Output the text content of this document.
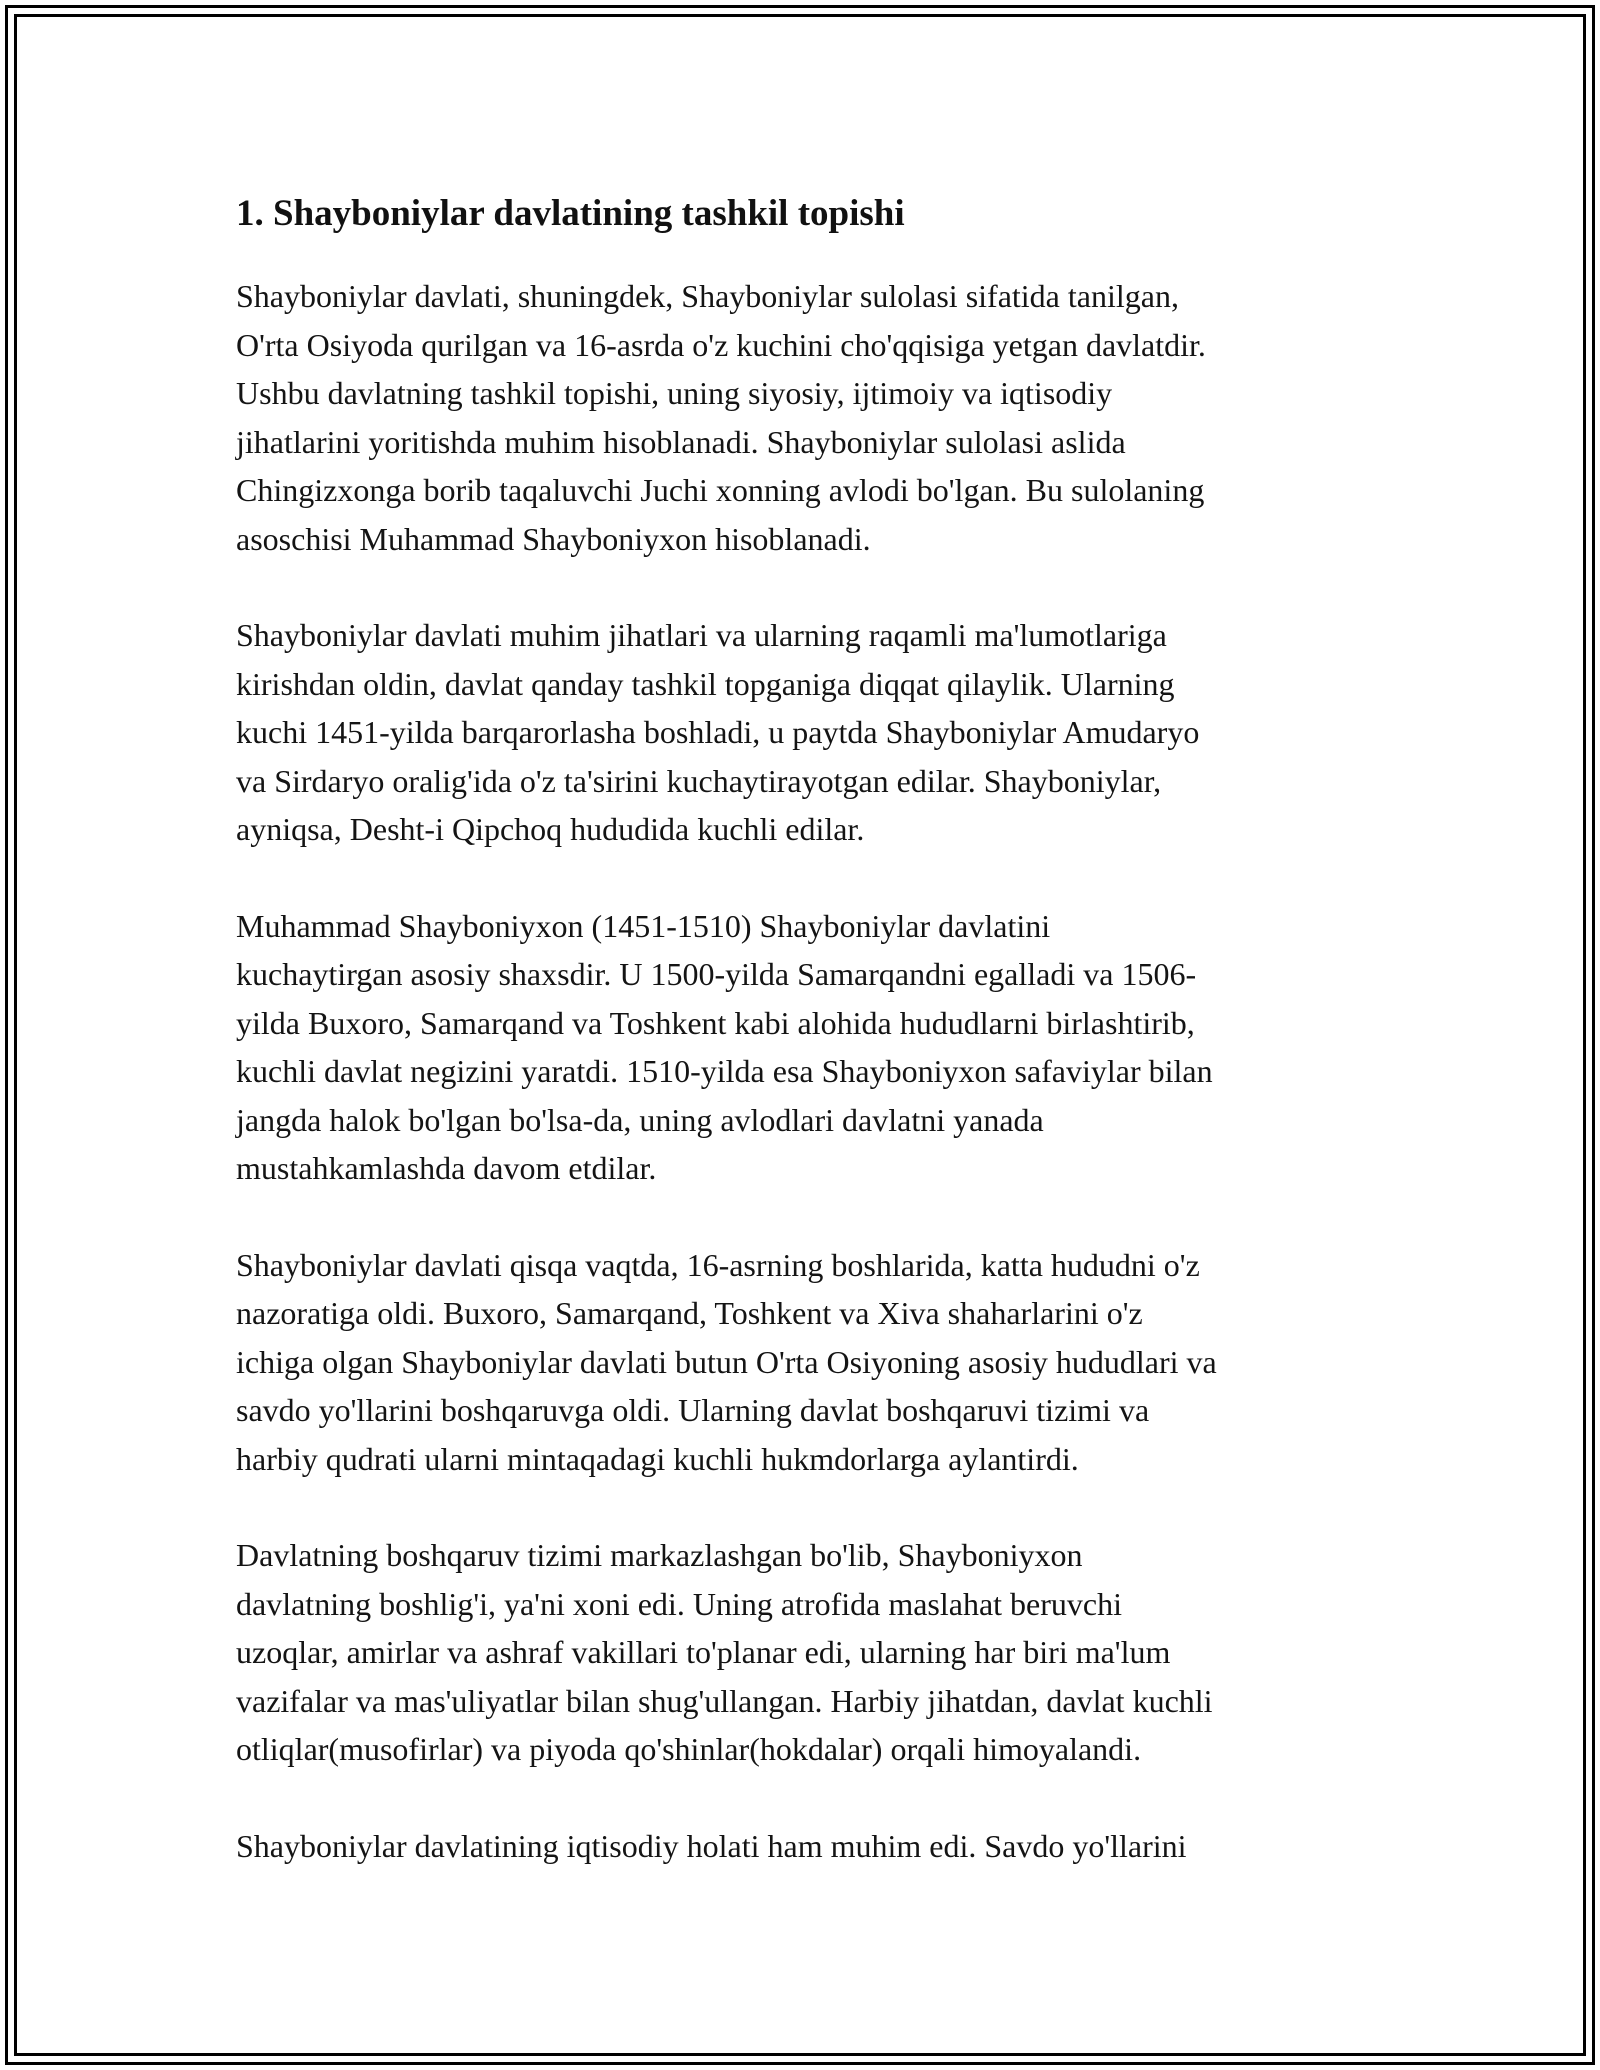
1. Shayboniylar davlatining tashkil topishi

Shayboniylar davlati, shuningdek, Shayboniylar sulolasi sifatida tanilgan,
O'rta Osiyoda qurilgan va 16-asrda o'z kuchini cho'qqisiga yetgan davlatdir.
Ushbu davlatning tashkil topishi, uning siyosiy, ijtimoiy va iqtisodiy
jihatlarini yoritishda muhim hisoblanadi. Shayboniylar sulolasi aslida
Chingizxonga borib taqaluvchi Juchi xonning avlodi bo'lgan. Bu sulolaning
asoschisi Muhammad Shayboniyxon hisoblanadi.

Shayboniylar davlati muhim jihatlari va ularning raqamli ma'lumotlariga
kirishdan oldin, davlat qanday tashkil topganiga diqqat qilaylik. Ularning
kuchi 1451-yilda barqarorlasha boshladi, u paytda Shayboniylar Amudaryo
va Sirdaryo oralig'ida o'z ta'sirini kuchaytirayotgan edilar. Shayboniylar,
ayniqsa, Desht-i Qipchoq hududida kuchli edilar.

Muhammad Shayboniyxon (1451-1510) Shayboniylar davlatini
kuchaytirgan asosiy shaxsdir. U 1500-yilda Samarqandni egalladi va 1506-
yilda Buxoro, Samarqand va Toshkent kabi alohida hududlarni birlashtirib,
kuchli davlat negizini yaratdi. 1510-yilda esa Shayboniyxon safaviylar bilan
jangda halok bo'lgan bo'lsa-da, uning avlodlari davlatni yanada
mustahkamlashda davom etdilar.

Shayboniylar davlati qisqa vaqtda, 16-asrning boshlarida, katta hududni o'z
nazoratiga oldi. Buxoro, Samarqand, Toshkent va Xiva shaharlarini o'z
ichiga olgan Shayboniylar davlati butun O'rta Osiyoning asosiy hududlari va
savdo yo'llarini boshqaruvga oldi. Ularning davlat boshqaruvi tizimi va
harbiy qudrati ularni mintaqadagi kuchli hukmdorlarga aylantirdi.

Davlatning boshqaruv tizimi markazlashgan bo'lib, Shayboniyxon
davlatning boshlig'i, ya'ni xoni edi. Uning atrofida maslahat beruvchi
uzoqlar, amirlar va ashraf vakillari to'planar edi, ularning har biri ma'lum
vazifalar va mas'uliyatlar bilan shug'ullangan. Harbiy jihatdan, davlat kuchli
otliqlar(musofirlar) va piyoda qo'shinlar(hokdalar) orqali himoyalandi.

Shayboniylar davlatining iqtisodiy holati ham muhim edi. Savdo yo'llarini
